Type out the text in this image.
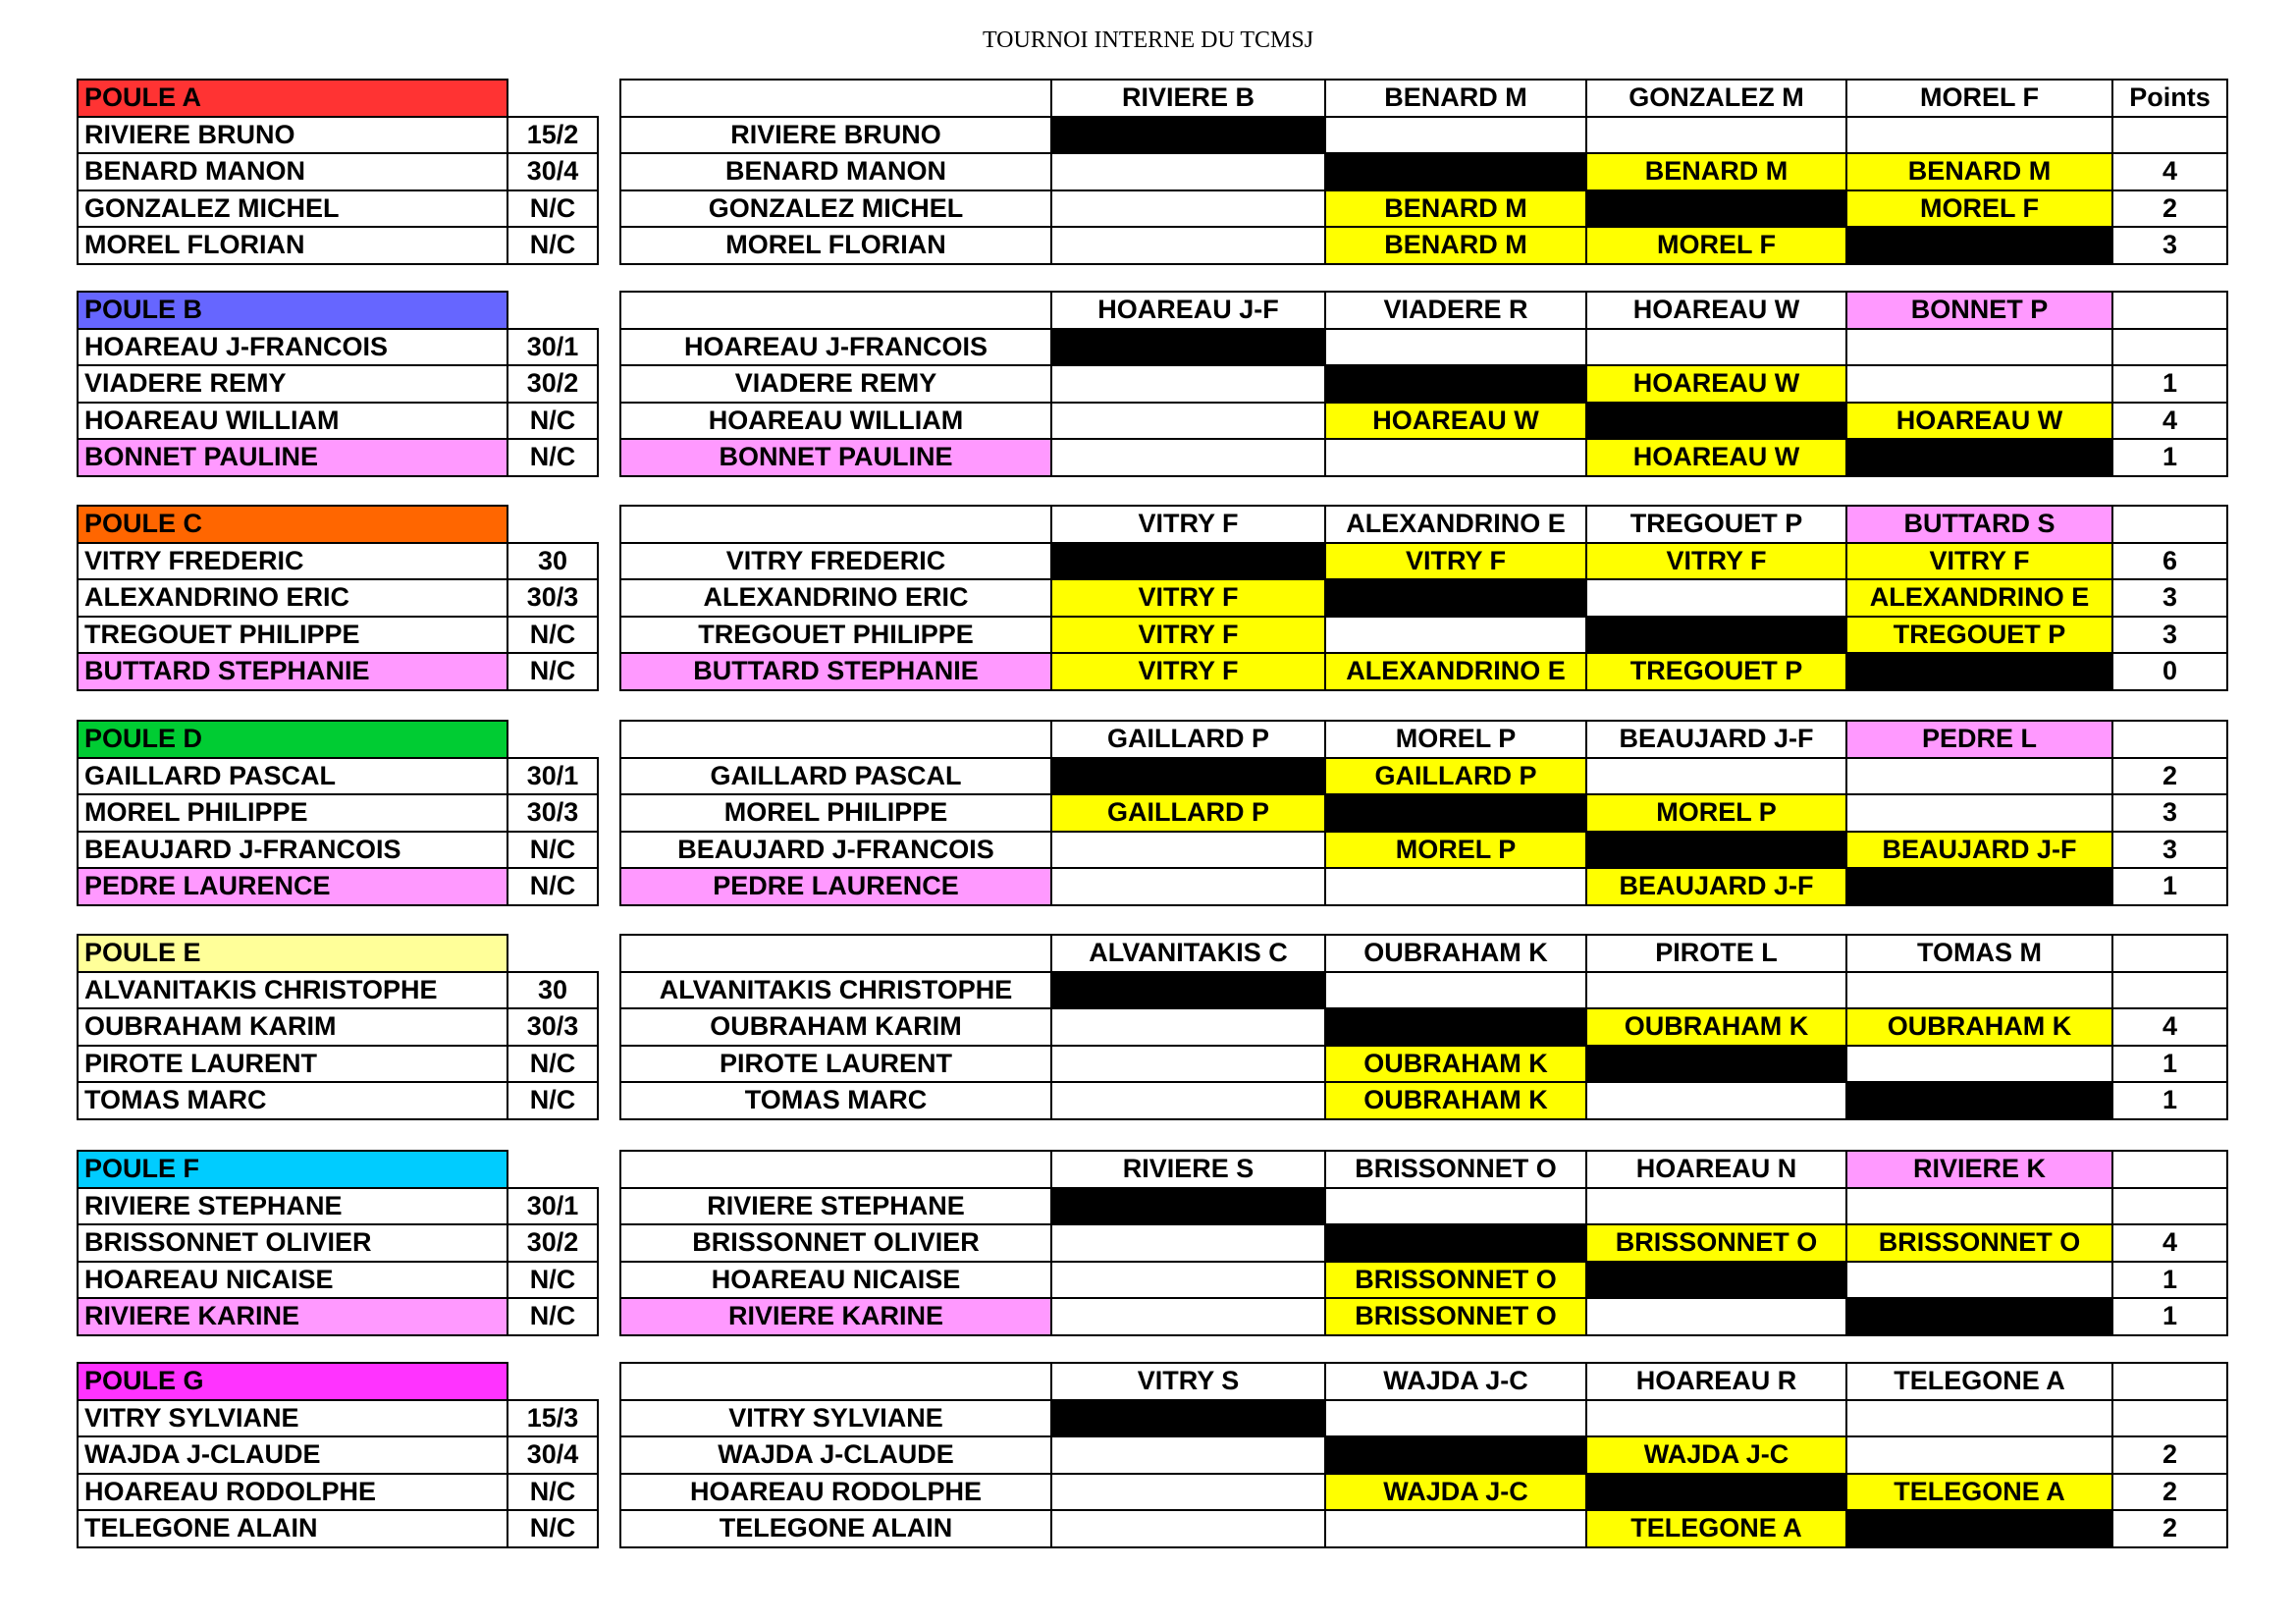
TOURNOI INTERNE DU TCMSJ
POULE A	
RIVIERE BRUNO	15/2
BENARD MANON	30/4
GONZALEZ MICHEL	N/C
MOREL FLORIAN	N/C
	RIVIERE B	BENARD M	GONZALEZ M	MOREL F	Points
RIVIERE BRUNO					
BENARD MANON			BENARD M	BENARD M	4
GONZALEZ MICHEL		BENARD M		MOREL F	2
MOREL FLORIAN		BENARD M	MOREL F		3
POULE B	
HOAREAU J-FRANCOIS	30/1
VIADERE REMY	30/2
HOAREAU WILLIAM	N/C
BONNET PAULINE	N/C
	HOAREAU J-F	VIADERE R	HOAREAU W	BONNET P	
HOAREAU J-FRANCOIS					
VIADERE REMY			HOAREAU W		1
HOAREAU WILLIAM		HOAREAU W		HOAREAU W	4
BONNET PAULINE			HOAREAU W		1
POULE C	
VITRY FREDERIC	30
ALEXANDRINO ERIC	30/3
TREGOUET PHILIPPE	N/C
BUTTARD STEPHANIE	N/C
	VITRY F	ALEXANDRINO E	TREGOUET P	BUTTARD S	
VITRY FREDERIC		VITRY F	VITRY F	VITRY F	6
ALEXANDRINO ERIC	VITRY F			ALEXANDRINO E	3
TREGOUET PHILIPPE	VITRY F			TREGOUET P	3
BUTTARD STEPHANIE	VITRY F	ALEXANDRINO E	TREGOUET P		0
POULE D	
GAILLARD PASCAL	30/1
MOREL PHILIPPE	30/3
BEAUJARD J-FRANCOIS	N/C
PEDRE LAURENCE	N/C
	GAILLARD P	MOREL P	BEAUJARD J-F	PEDRE L	
GAILLARD PASCAL		GAILLARD P			2
MOREL PHILIPPE	GAILLARD P		MOREL P		3
BEAUJARD J-FRANCOIS		MOREL P		BEAUJARD J-F	3
PEDRE LAURENCE			BEAUJARD J-F		1
POULE E	
ALVANITAKIS CHRISTOPHE	30
OUBRAHAM KARIM	30/3
PIROTE LAURENT	N/C
TOMAS MARC	N/C
	ALVANITAKIS C	OUBRAHAM K	PIROTE L	TOMAS M	
ALVANITAKIS CHRISTOPHE					
OUBRAHAM KARIM			OUBRAHAM K	OUBRAHAM K	4
PIROTE LAURENT		OUBRAHAM K			1
TOMAS MARC		OUBRAHAM K			1
POULE F	
RIVIERE STEPHANE	30/1
BRISSONNET OLIVIER	30/2
HOAREAU NICAISE	N/C
RIVIERE KARINE	N/C
	RIVIERE S	BRISSONNET O	HOAREAU N	RIVIERE K	
RIVIERE STEPHANE					
BRISSONNET OLIVIER			BRISSONNET O	BRISSONNET O	4
HOAREAU NICAISE		BRISSONNET O			1
RIVIERE KARINE		BRISSONNET O			1
POULE G	
VITRY SYLVIANE	15/3
WAJDA J-CLAUDE	30/4
HOAREAU RODOLPHE	N/C
TELEGONE ALAIN	N/C
	VITRY S	WAJDA J-C	HOAREAU R	TELEGONE A	
VITRY SYLVIANE					
WAJDA J-CLAUDE			WAJDA J-C		2
HOAREAU RODOLPHE		WAJDA J-C		TELEGONE A	2
TELEGONE ALAIN			TELEGONE A		2
